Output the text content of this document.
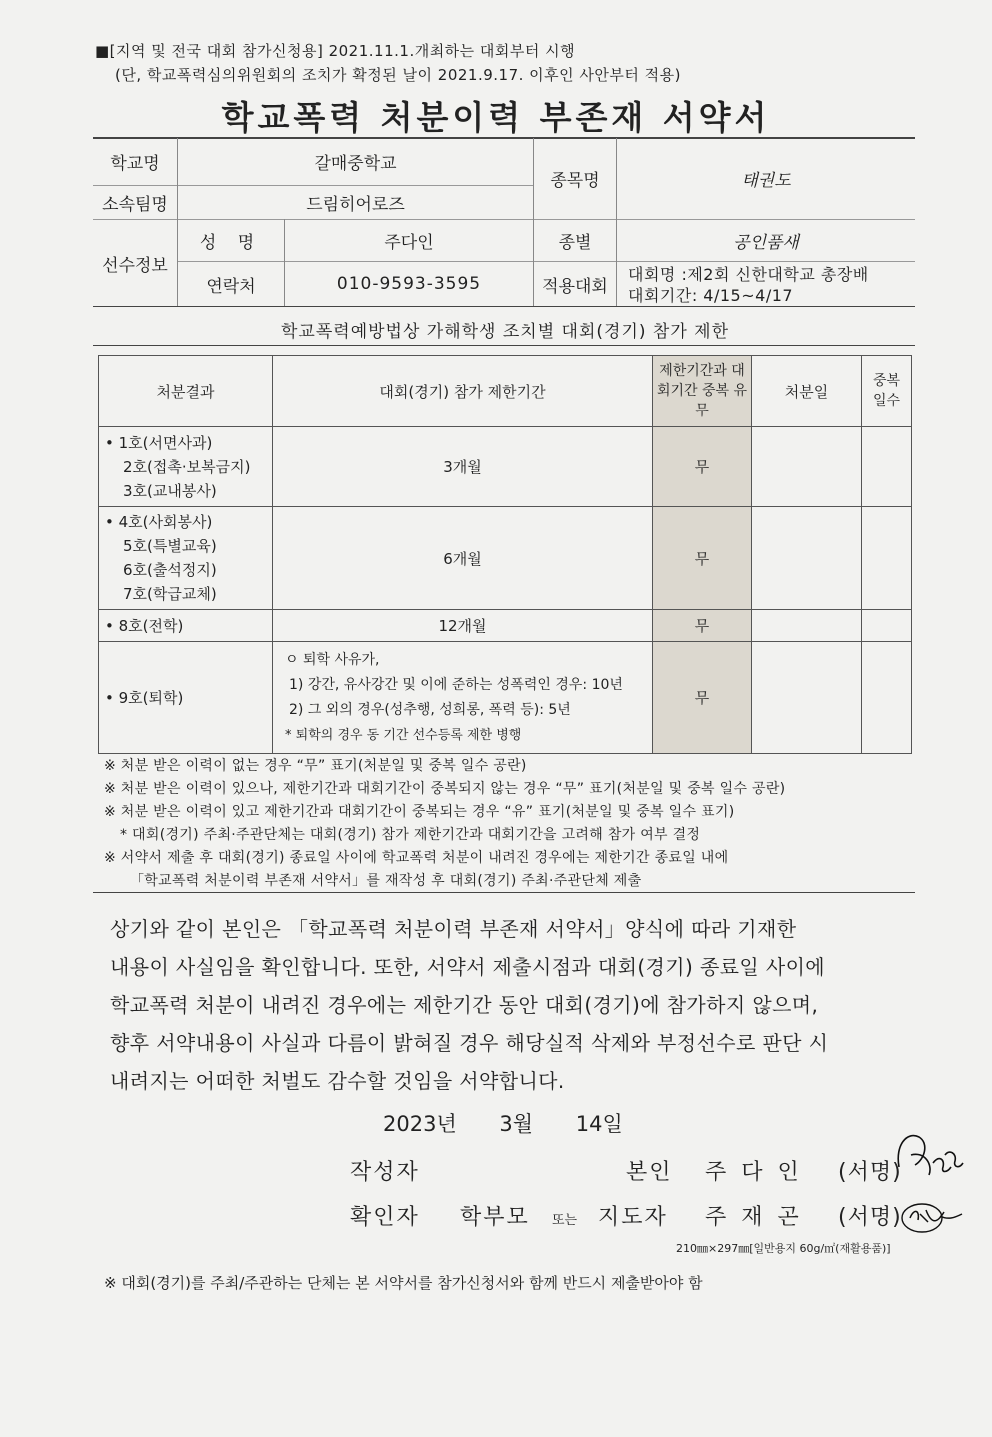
■[지역 및 전국 대회 참가신청용] 2021.11.1.개최하는 대회부터 시행
(단, 학교폭력심의위원회의 조치가 확정된 날이 2021.9.17. 이후인 사안부터 적용)
학교폭력 처분이력 부존재 서약서
학교명	갈매중학교
소속팀명	드림히어로즈
종목명	태권도
선수정보
성 명	주다인	종별	공인품새
연락처	010-9593-3595	적용대회
대회명 :제2회 신한대학교 총장배
대회기간: 4/15~4/17
학교폭력예방법상 가해학생 조치별 대회(경기) 참가 제한
처분결과	대회(경기) 참가 제한기간	제한기간과 대회기간 중복 유무	처분일	중복 일수

• 1호(서면사과)
2호(접촉·보복금지)
3호(교내봉사)	3개월	무		

• 4호(사회봉사)
5호(특별교육)
6호(출석정지)
7호(학급교체)	6개월	무		

• 8호(전학)	12개월	무		

• 9호(퇴학)	ㅇ 퇴학 사유가,
1) 강간, 유사강간 및 이에 준하는 성폭력인 경우: 10년
2) 그 외의 경우(성추행, 성희롱, 폭력 등): 5년
* 퇴학의 경우 동 기간 선수등록 제한 병행	무		
※ 처분 받은 이력이 없는 경우 “무” 표기(처분일 및 중복 일수 공란)
※ 처분 받은 이력이 있으나, 제한기간과 대회기간이 중복되지 않는 경우 “무” 표기(처분일 및 중복 일수 공란)
※ 처분 받은 이력이 있고 제한기간과 대회기간이 중복되는 경우 “유” 표기(처분일 및 중복 일수 표기)
* 대회(경기) 주최·주관단체는 대회(경기) 참가 제한기간과 대회기간을 고려해 참가 여부 결정
※ 서약서 제출 후 대회(경기) 종료일 사이에 학교폭력 처분이 내려진 경우에는 제한기간 종료일 내에
「학교폭력 처분이력 부존재 서약서」를 재작성 후 대회(경기) 주최·주관단체 제출
상기와 같이 본인은 「학교폭력 처분이력 부존재 서약서」양식에 따라 기재한
내용이 사실임을 확인합니다. 또한, 서약서 제출시점과 대회(경기) 종료일 사이에
학교폭력 처분이 내려진 경우에는 제한기간 동안 대회(경기)에 참가하지 않으며,
향후 서약내용이 사실과 다름이 밝혀질 경우 해당실적 삭제와 부정선수로 판단 시
내려지는 어떠한 처벌도 감수할 것임을 서약합니다.
2023년 3월 14일
작성자	본인 주 다 인 (서명)
확인자 학부모 또는 지도자 주 재 곤 (서명)
210㎜×297㎜[일반용지 60g/㎡(재활용품)]
※ 대회(경기)를 주최/주관하는 단체는 본 서약서를 참가신청서와 함께 반드시 제출받아야 함
